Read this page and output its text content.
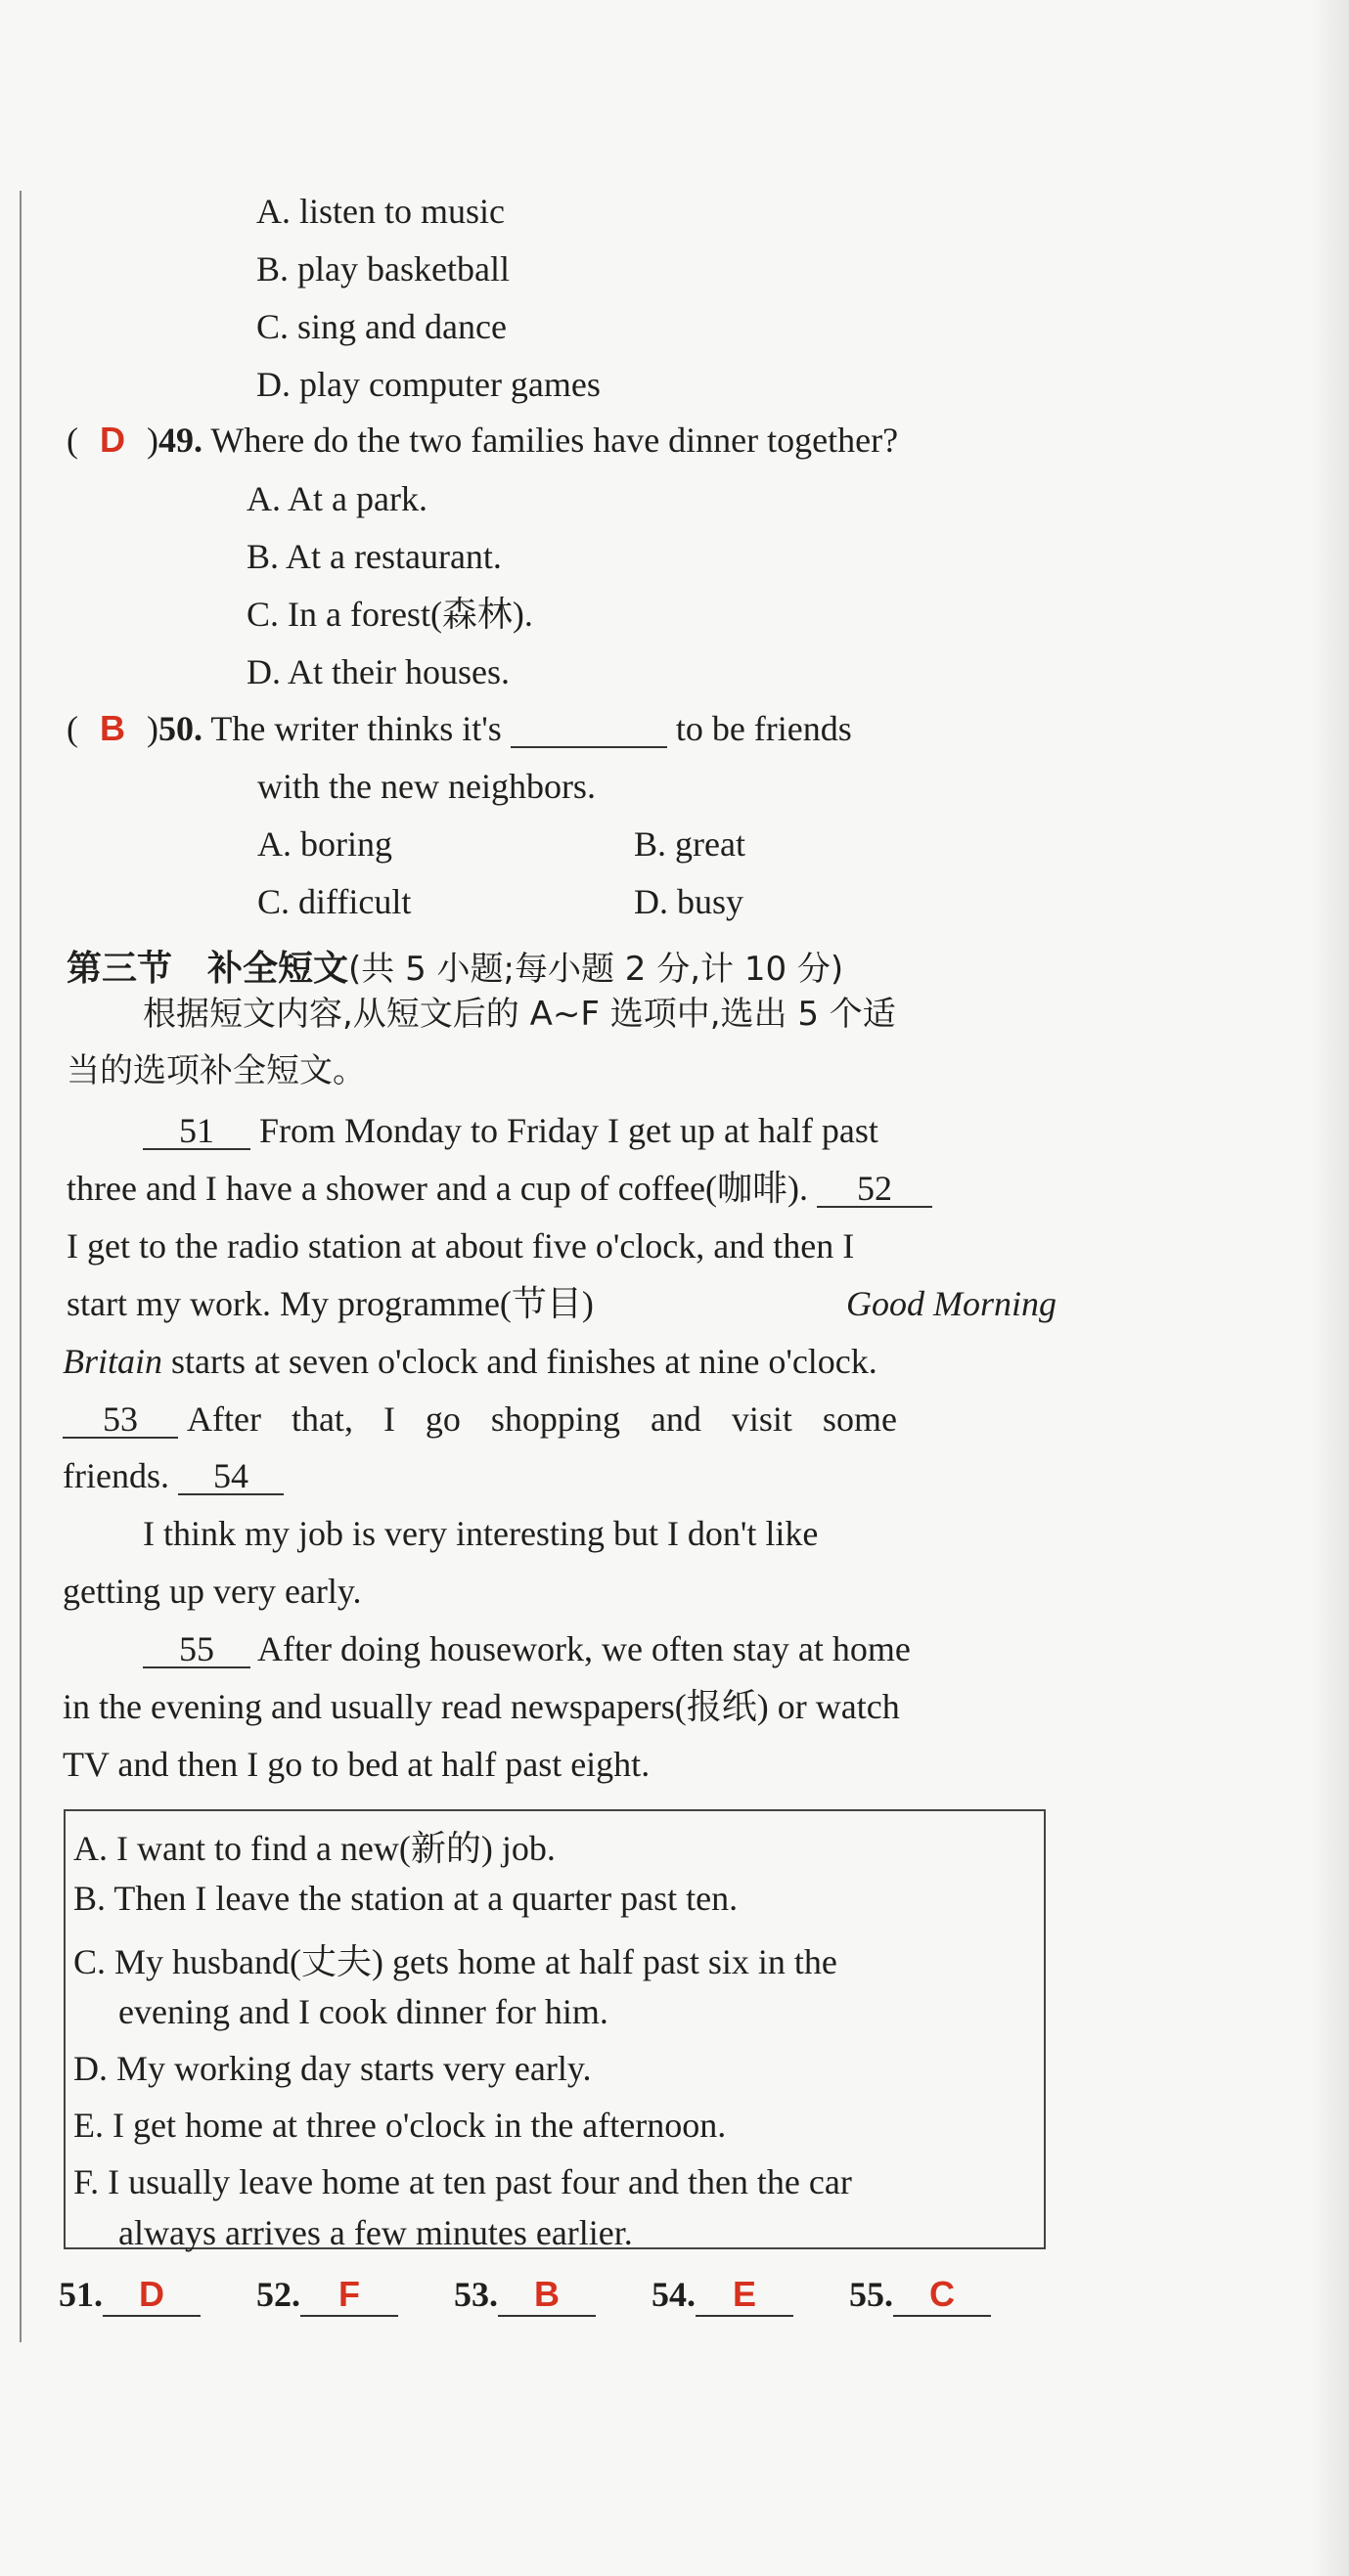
A. listen to music
B. play basketball
C. sing and dance
D. play computer games
( D )49. Where do the two families have dinner together?
A. At a park.
B. At a restaurant.
C. In a forest(森林).
D. At their houses.
( B )50. The writer thinks it's	to be friends
with the new neighbors.
A. boring	B. great
C. difficult	D. busy
第三节　补全短文(共 5 小题;每小题 2 分,计 10 分)
根据短文内容,从短文后的 A~F 选项中,选出 5 个适
当的选项补全短文。
51 From Monday to Friday I get up at half past
three and I have a shower and a cup of coffee(咖啡). 52
I get to the radio station at about five o'clock, and then I
start my work. My programme(节目)	Good Morning
Britain starts at seven o'clock and finishes at nine o'clock.
53 After that, I go shopping and visit some
friends. 54
I think my job is very interesting but I don't like
getting up very early.
55 After doing housework, we often stay at home
in the evening and usually read newspapers(报纸) or watch
TV and then I go to bed at half past eight.
A. I want to find a new(新的) job.
B. Then I leave the station at a quarter past ten.
C. My husband(丈夫) gets home at half past six in the
evening and I cook dinner for him.
D. My working day starts very early.
E. I get home at three o'clock in the afternoon.
F. I usually leave home at ten past four and then the car
always arrives a few minutes earlier.
51. D	52. F	53. B	54. E	55. C
